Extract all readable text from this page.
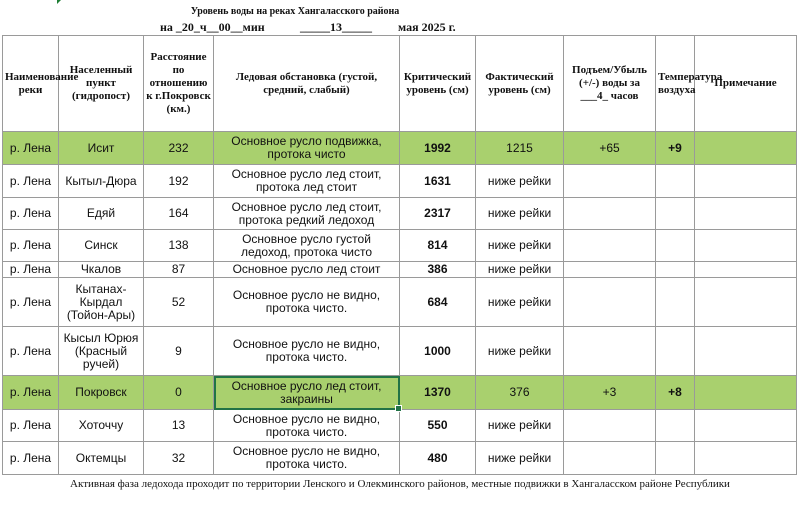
Уровень воды на реках Хангаласского района
на _20_ч__00__мин	_____13_____ мая 2025 г.
Наименование реки	Населенный пункт (гидропост)	Расстояние по отношению к г.Покровск (км.)	Ледовая обстановка (густой, средний, слабый)	Критический уровень (см)	Фактический уровень (см)	Подъем/Убыль (+/-) воды за ___4_ часов	Температура воздуха	Примечание
р. Лена	Исит	232	Основное русло подвижка, протока чисто	1992	1215	+65	+9	
р. Лена	Кытыл-Дюра	192	Основное русло лед стоит, протока лед стоит	1631	ниже рейки			
р. Лена	Едяй	164	Основное русло лед стоит, протока редкий ледоход	2317	ниже рейки			
р. Лена	Синск	138	Основное русло густой ледоход, протока чисто	814	ниже рейки			
р. Лена	Чкалов	87	Основное русло лед стоит	386	ниже рейки			
р. Лена	Кытанах-Кырдал (Тойон-Ары)	52	Основное русло не видно, протока чисто.	684	ниже рейки			
р. Лена	Кысыл Юрюя (Красный ручей)	9	Основное русло не видно, протока чисто.	1000	ниже рейки			
р. Лена	Покровск	0	Основное русло лед стоит, закраины	1370	376	+3	+8	
р. Лена	Хоточчу	13	Основное русло не видно, протока чисто.	550	ниже рейки			
р. Лена	Октемцы	32	Основное русло не видно, протока чисто.	480	ниже рейки			
Активная фаза ледохода проходит по территории Ленского и Олекминского районов, местные подвижки в Хангаласском районе Республики
